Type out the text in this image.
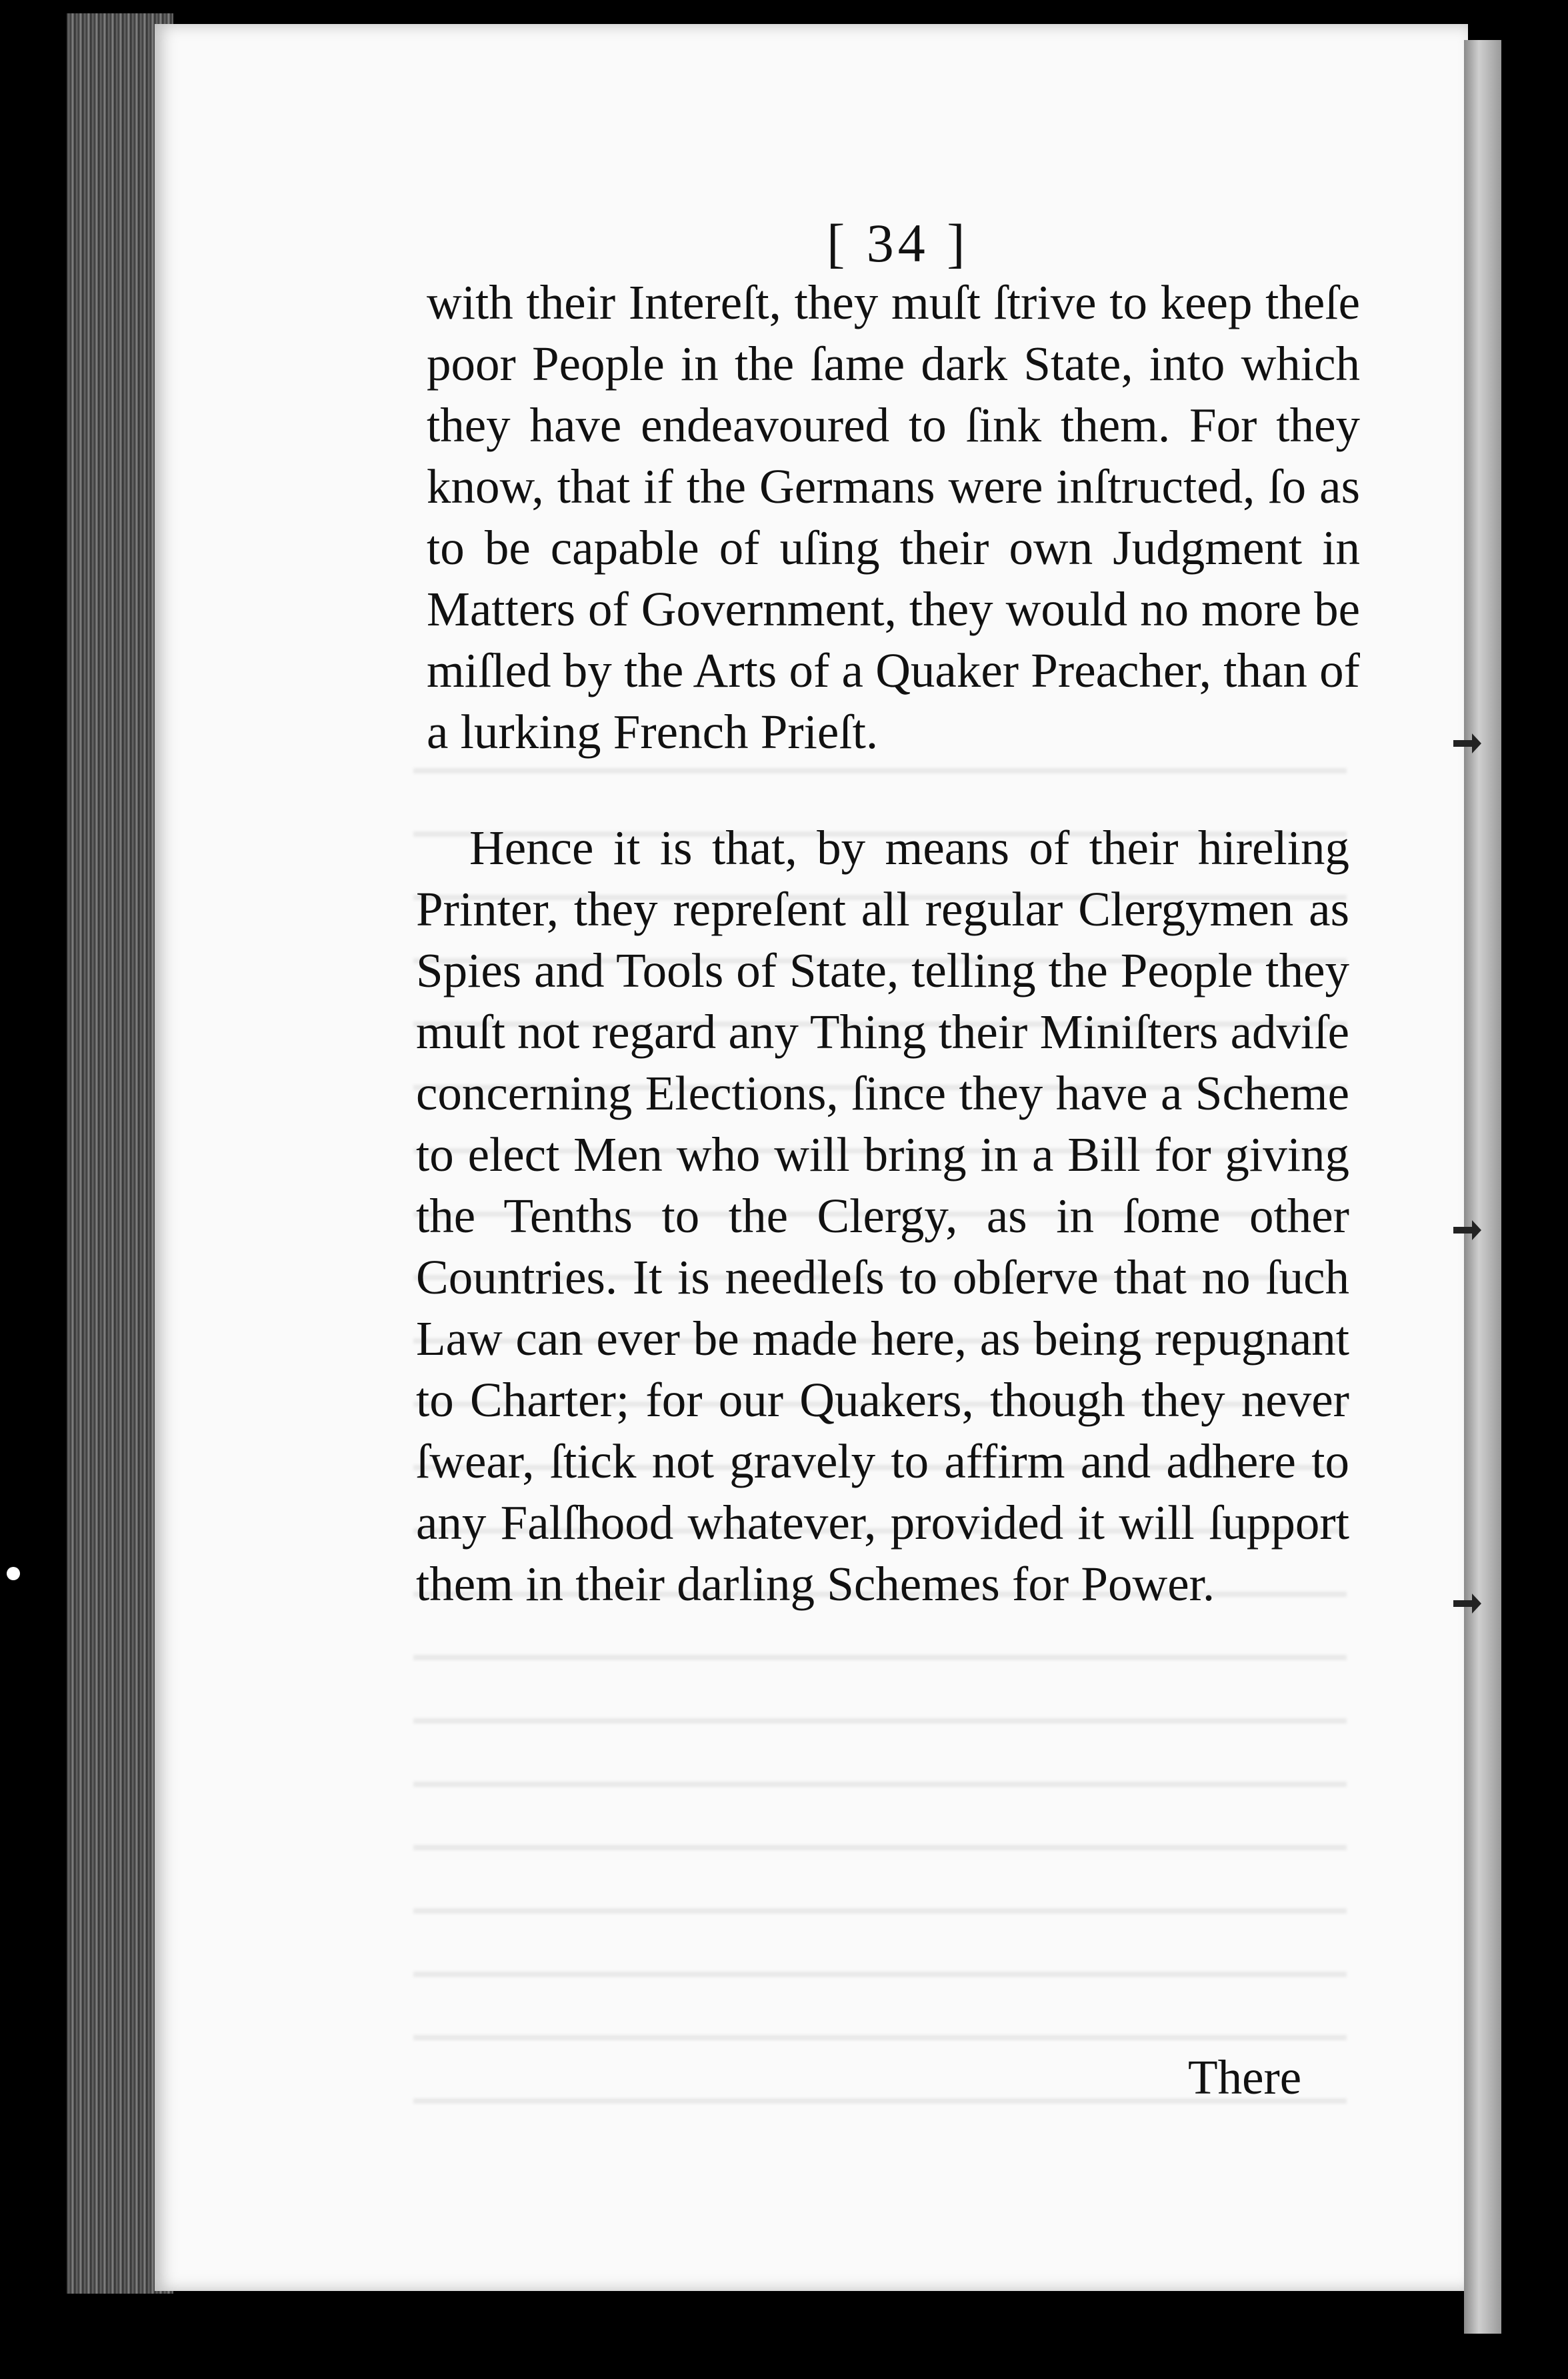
[ 34 ]

with their Intereſt, they muſt ſtrive to keep theſe poor People in the ſame dark State, into which they have endeavoured to ſink them. For they know, that if the Germans were inſtructed, ſo as to be capable of uſing their own Judgment in Matters of Government, they would no more be miſled by the Arts of a Quaker Preacher, than of a lurking French Prieſt.

Hence it is that, by means of their hireling Printer, they repreſent all regular Clergymen as Spies and Tools of State, telling the People they muſt not regard any Thing their Miniſters adviſe concerning Elections, ſince they have a Scheme to elect Men who will bring in a Bill for giving the Tenths to the Clergy, as in ſome other Countries. It is needleſs to obſerve that no ſuch Law can ever be made here, as being repugnant to Charter; for our Quakers, though they never ſwear, ſtick not gravely to affirm and adhere to any Falſhood whatever, provided it will ſupport them in their darling Schemes for Power.

There
